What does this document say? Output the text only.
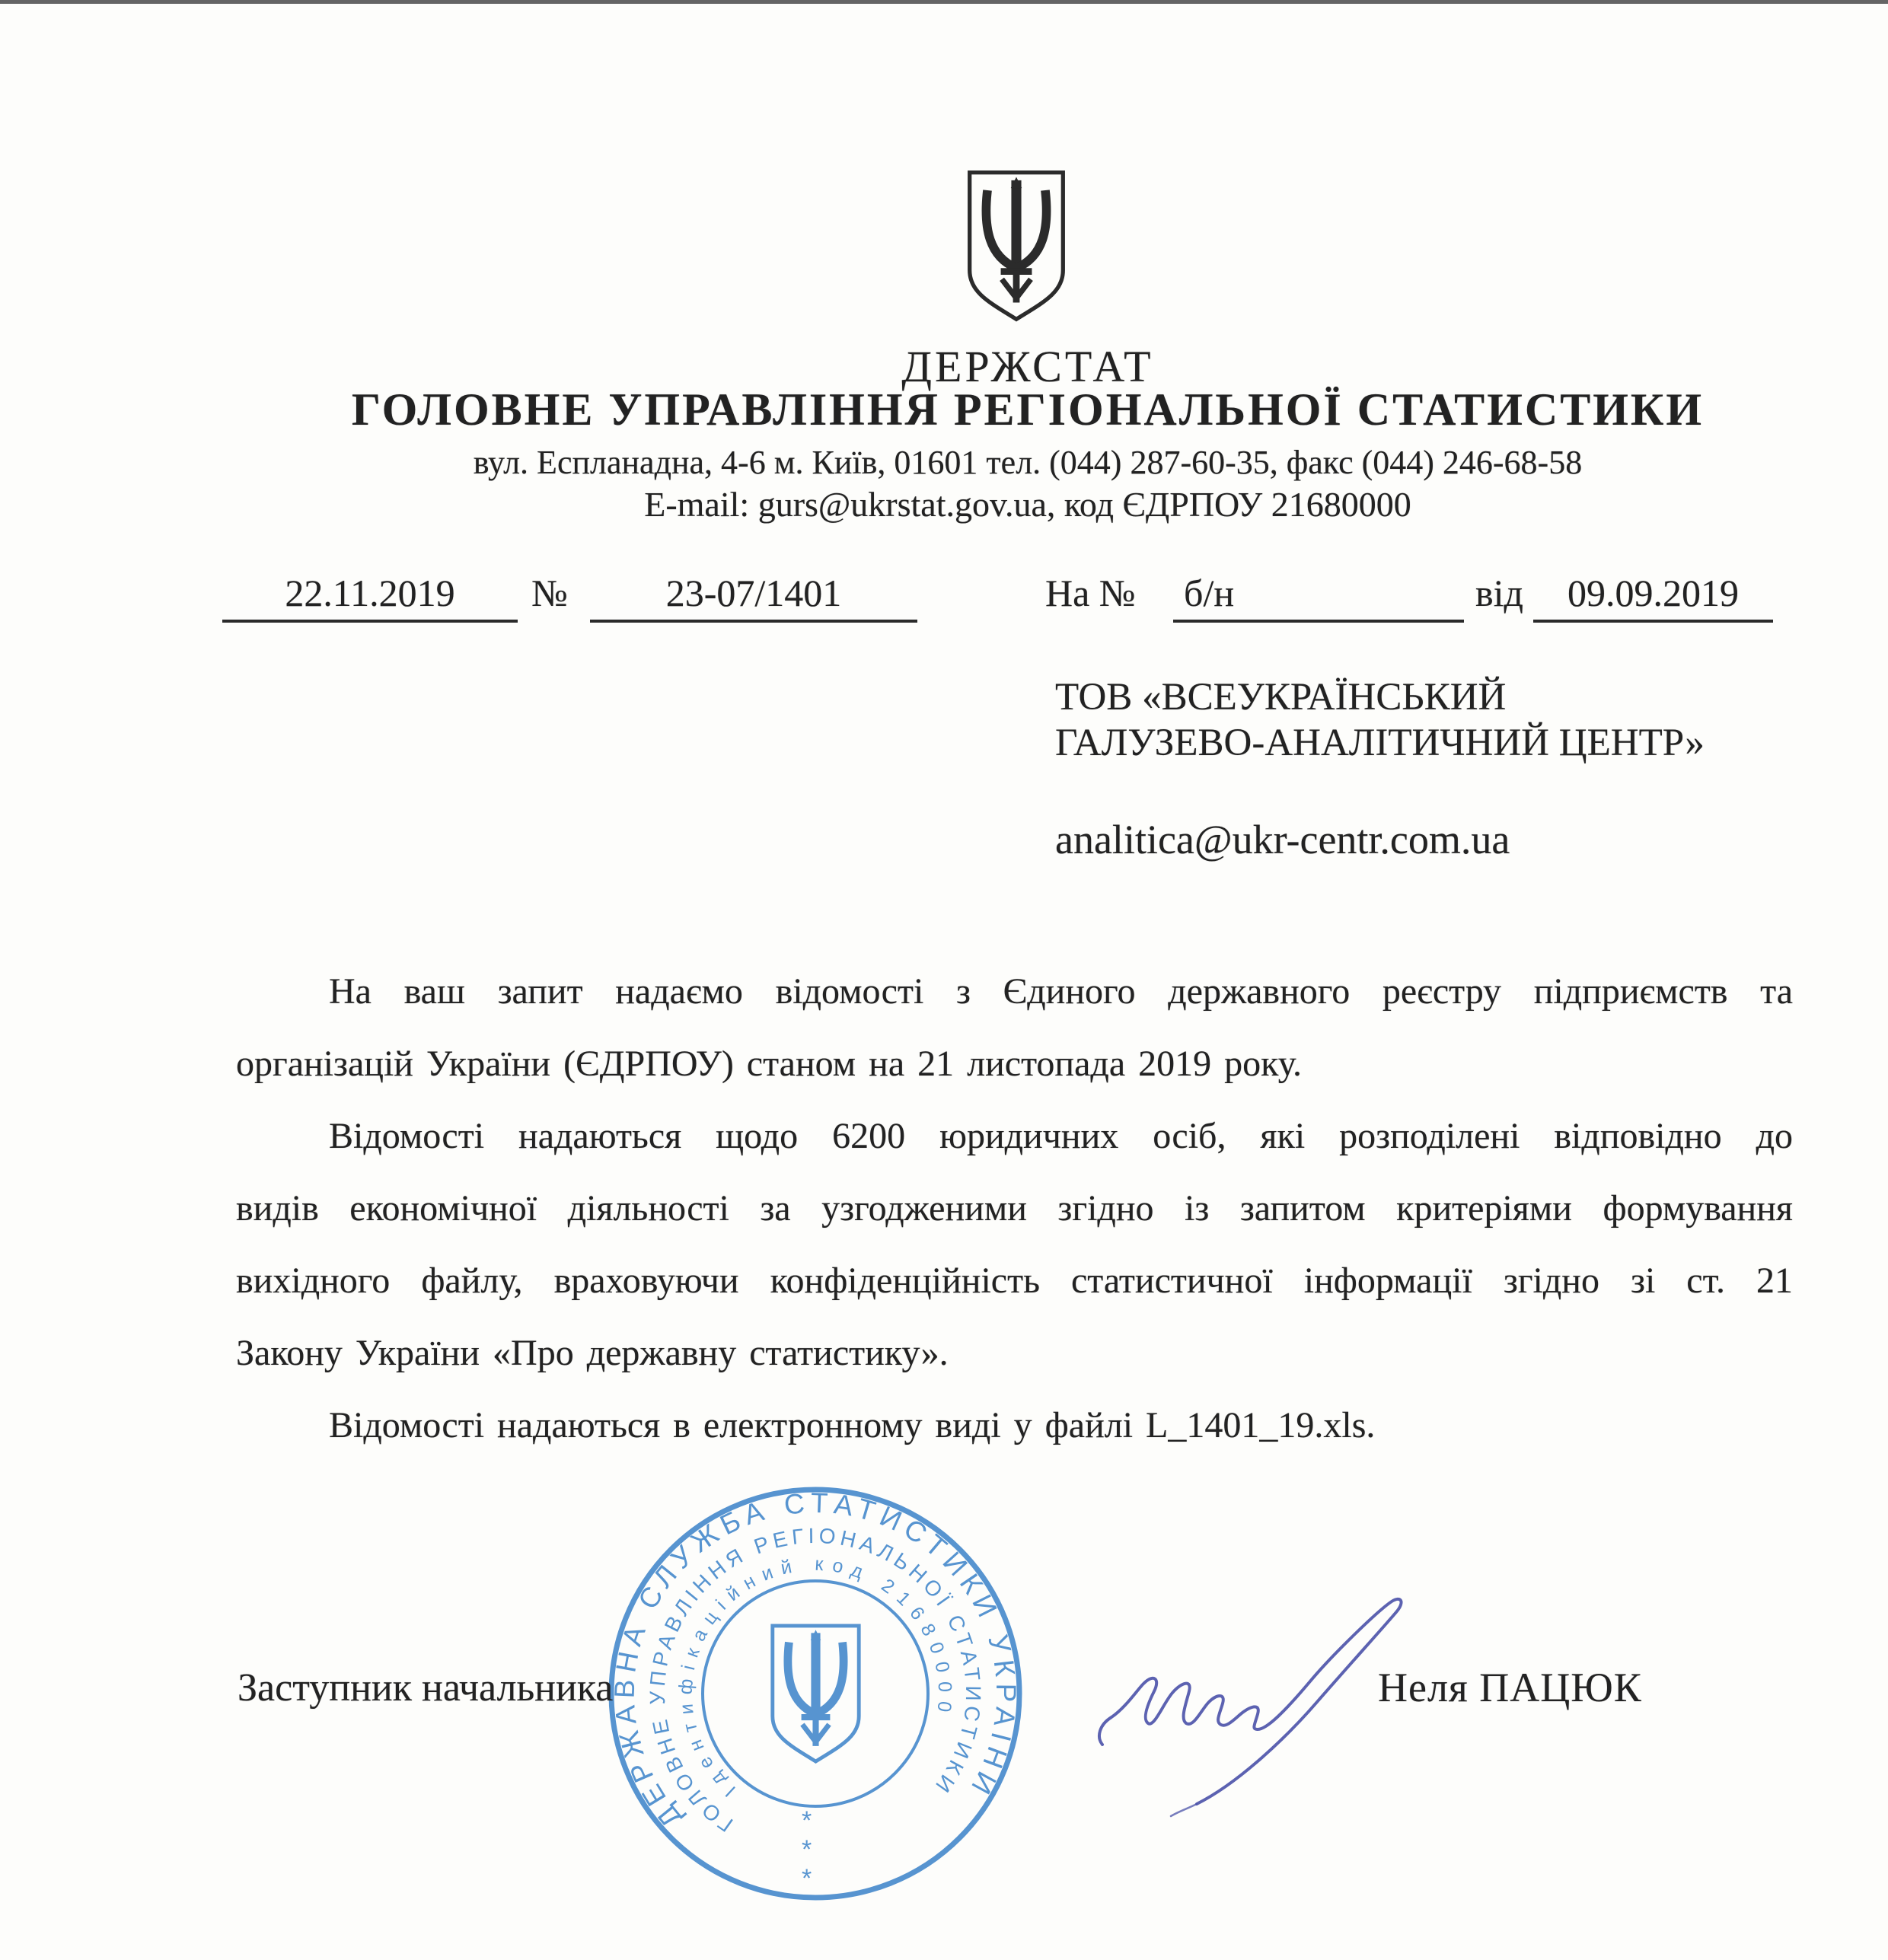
ДЕРЖСТАТ
ГОЛОВНЕ УПРАВЛІННЯ РЕГІОНАЛЬНОЇ СТАТИСТИКИ
вул. Еспланадна, 4-6 м. Київ, 01601 тел. (044) 287-60-35, факс (044) 246-68-58
E-mail: gurs@ukrstat.gov.ua, код ЄДРПОУ 21680000
22.11.2019	№	23-07/1401	На № б/н	від	09.09.2019
ТОВ «ВСЕУКРАЇНСЬКИЙ
ГАЛУЗЕВО-АНАЛІТИЧНИЙ ЦЕНТР»
analitica@ukr-centr.com.ua
На ваш запит надаємо відомості з Єдиного державного реєстру підприємств та
організацій України (ЄДРПОУ) станом на 21 листопада 2019 року.
Відомості надаються щодо 6200 юридичних осіб, які розподілені відповідно до
видів економічної діяльності за узгодженими згідно із запитом критеріями формування
вихідного файлу, враховуючи конфіденційність статистичної інформації згідно зі ст. 21
Закону України «Про державну статистику».
Відомості надаються в електронному виді у файлі L_1401_19.xls.
ДЕРЖАВНА СЛУЖБА СТАТИСТИКИ УКРАЇНИ
ГОЛОВНЕ УПРАВЛІННЯ РЕГІОНАЛЬНОЇ СТАТИСТИКИ
Ідентифікаційний код 21680000
*
*
*
Заступник начальника	Неля ПАЦЮК
